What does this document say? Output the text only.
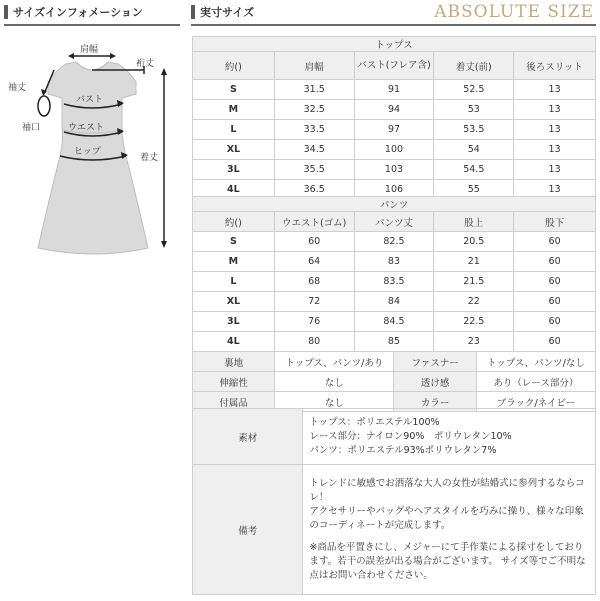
サイズインフォメーション	実寸サイズ	ABSOLUTE SIZE
肩幅
袖丈
裄丈
袖口
バスト
ウエスト
ヒップ
着丈
トップス				
約()	肩幅	バスト(フレア含)	着丈(前)	後ろスリット
S	31.5	91	52.5	13
M	32.5	94	53	13
L	33.5	97	53.5	13
XL	34.5	100	54	13
3L	35.5	103	54.5	13
4L	36.5	106	55	13
パンツ				
約()	ウエスト(ゴム)	パンツ丈	股上	股下
S	60	82.5	20.5	60
M	64	83	21	60
L	68	83.5	21.5	60
XL	72	84	22	60
3L	76	84.5	22.5	60
4L	80	85	23	60
裏地	トップス、パンツ/あり	ファスナー	トップス、パンツ/なし
伸縮性	なし	透け感	あり（レース部分）
付属品	なし	カラー	ブラック/ネイビー
素材	トップス：ポリエステル100%
レース部分：ナイロン90%　ポリウレタン10%
パンツ：ポリエステル93%ポリウレタン7%

備考	トレンドに敏感でお洒落な大人の女性が結婚式に参列するならコレ！
アクセサリーやバッグやヘアスタイルを巧みに操り、様々な印象のコーディネートが完成します。
※商品を平置きにし、メジャーにて手作業による採寸をしております。若干の誤差が出る場合がございます。 サイズ等でご不明な点はお問い合わせください。
